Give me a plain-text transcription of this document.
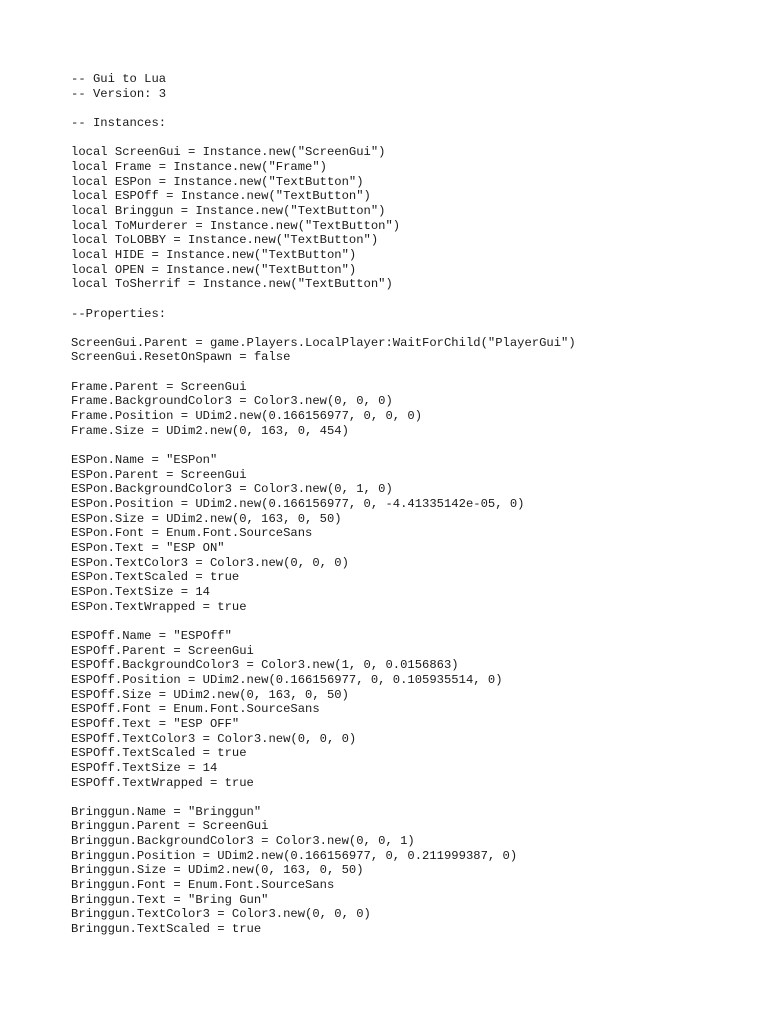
-- Gui to Lua
-- Version: 3
-- Instances:
local ScreenGui = Instance.new("ScreenGui")
local Frame = Instance.new("Frame")
local ESPon = Instance.new("TextButton")
local ESPOff = Instance.new("TextButton")
local Bringgun = Instance.new("TextButton")
local ToMurderer = Instance.new("TextButton")
local ToLOBBY = Instance.new("TextButton")
local HIDE = Instance.new("TextButton")
local OPEN = Instance.new("TextButton")
local ToSherrif = Instance.new("TextButton")
--Properties:
ScreenGui.Parent = game.Players.LocalPlayer:WaitForChild("PlayerGui")
ScreenGui.ResetOnSpawn = false
Frame.Parent = ScreenGui
Frame.BackgroundColor3 = Color3.new(0, 0, 0)
Frame.Position = UDim2.new(0.166156977, 0, 0, 0)
Frame.Size = UDim2.new(0, 163, 0, 454)
ESPon.Name = "ESPon"
ESPon.Parent = ScreenGui
ESPon.BackgroundColor3 = Color3.new(0, 1, 0)
ESPon.Position = UDim2.new(0.166156977, 0, -4.41335142e-05, 0)
ESPon.Size = UDim2.new(0, 163, 0, 50)
ESPon.Font = Enum.Font.SourceSans
ESPon.Text = "ESP ON"
ESPon.TextColor3 = Color3.new(0, 0, 0)
ESPon.TextScaled = true
ESPon.TextSize = 14
ESPon.TextWrapped = true
ESPOff.Name = "ESPOff"
ESPOff.Parent = ScreenGui
ESPOff.BackgroundColor3 = Color3.new(1, 0, 0.0156863)
ESPOff.Position = UDim2.new(0.166156977, 0, 0.105935514, 0)
ESPOff.Size = UDim2.new(0, 163, 0, 50)
ESPOff.Font = Enum.Font.SourceSans
ESPOff.Text = "ESP OFF"
ESPOff.TextColor3 = Color3.new(0, 0, 0)
ESPOff.TextScaled = true
ESPOff.TextSize = 14
ESPOff.TextWrapped = true
Bringgun.Name = "Bringgun"
Bringgun.Parent = ScreenGui
Bringgun.BackgroundColor3 = Color3.new(0, 0, 1)
Bringgun.Position = UDim2.new(0.166156977, 0, 0.211999387, 0)
Bringgun.Size = UDim2.new(0, 163, 0, 50)
Bringgun.Font = Enum.Font.SourceSans
Bringgun.Text = "Bring Gun"
Bringgun.TextColor3 = Color3.new(0, 0, 0)
Bringgun.TextScaled = true
